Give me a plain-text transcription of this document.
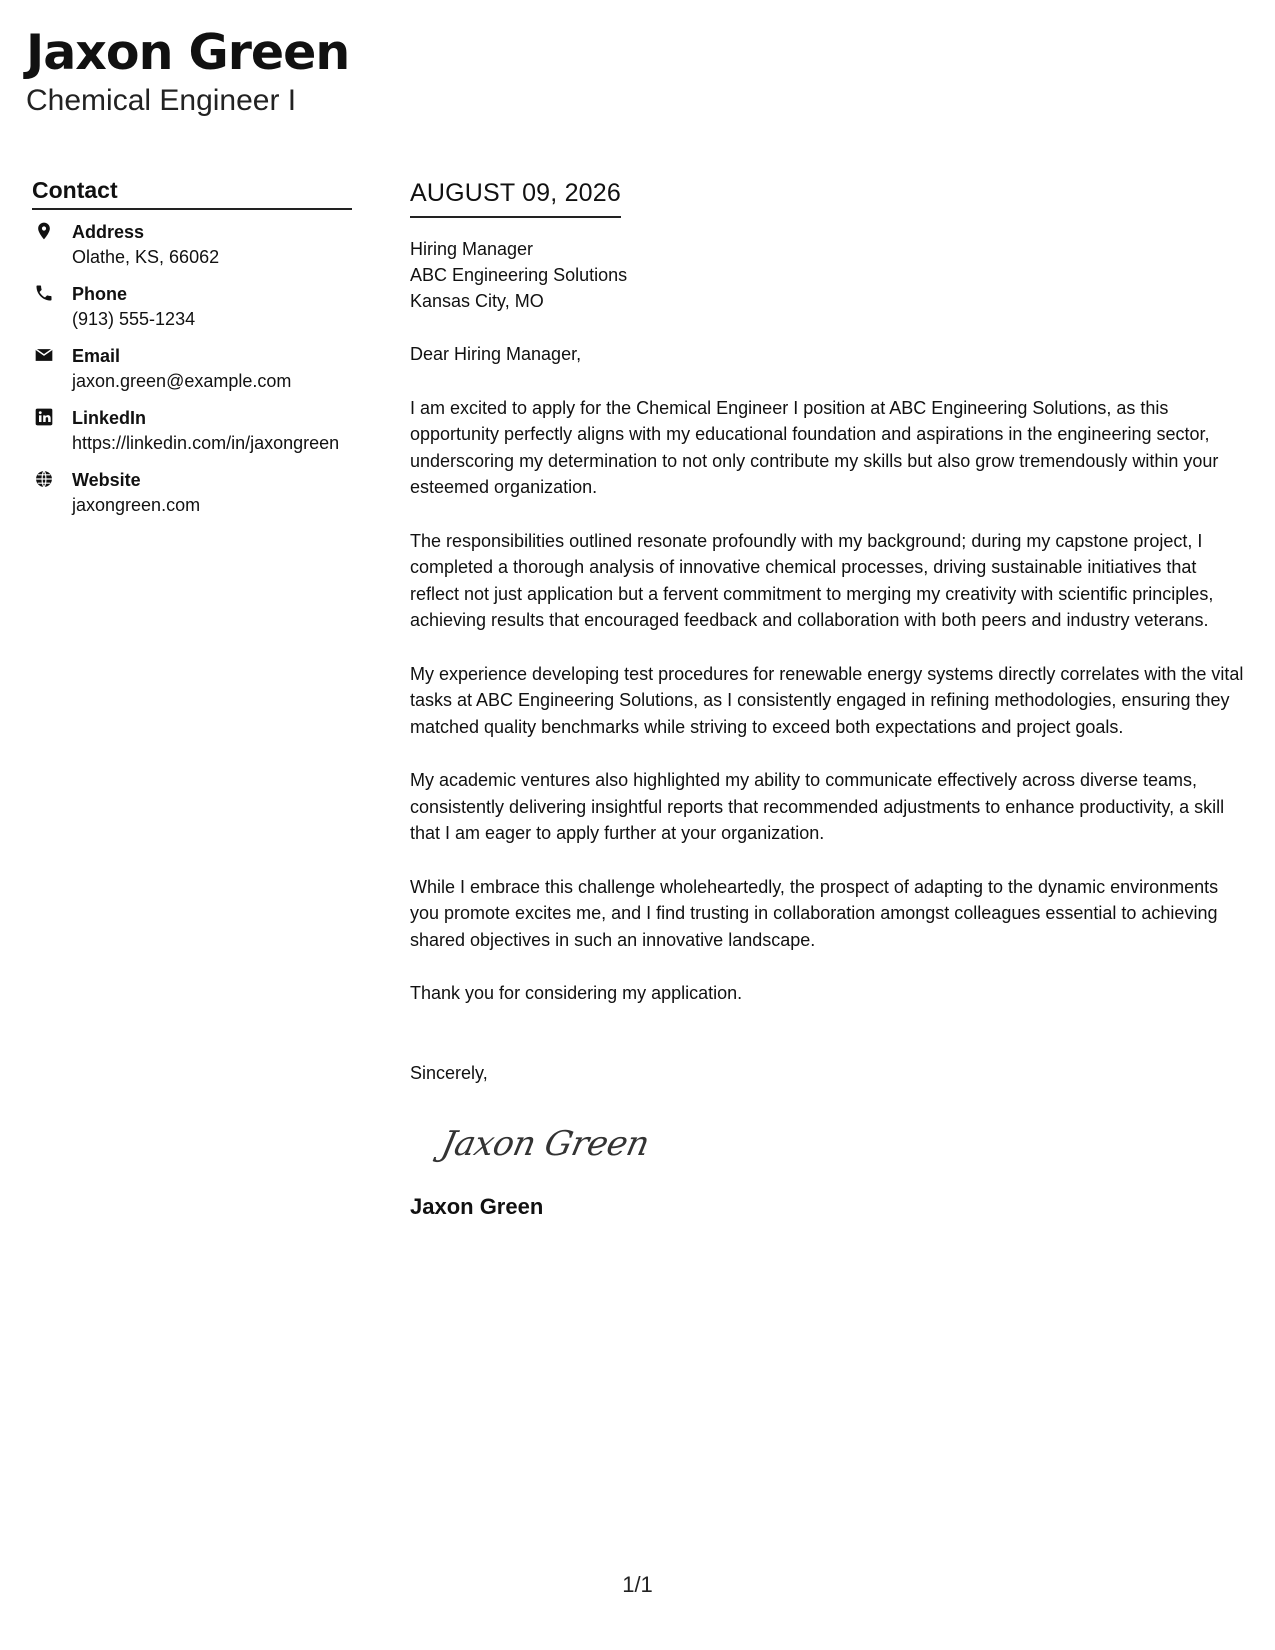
Jaxon Green
Chemical Engineer I
Contact
Address
Olathe, KS, 66062
Phone
(913) 555-1234
Email
jaxon.green@example.com
LinkedIn
https://linkedin.com/in/jaxongreen
Website
jaxongreen.com
AUGUST 09, 2026
Hiring Manager
ABC Engineering Solutions
Kansas City, MO

Dear Hiring Manager,

I am excited to apply for the Chemical Engineer I position at ABC Engineering Solutions, as this opportunity perfectly aligns with my educational foundation and aspirations in the engineering sector, underscoring my determination to not only contribute my skills but also grow tremendously within your esteemed organization.

The responsibilities outlined resonate profoundly with my background; during my capstone project, I completed a thorough analysis of innovative chemical processes, driving sustainable initiatives that reflect not just application but a fervent commitment to merging my creativity with scientific principles, achieving results that encouraged feedback and collaboration with both peers and industry veterans.

My experience developing test procedures for renewable energy systems directly correlates with the vital tasks at ABC Engineering Solutions, as I consistently engaged in refining methodologies, ensuring they matched quality benchmarks while striving to exceed both expectations and project goals.

My academic ventures also highlighted my ability to communicate effectively across diverse teams, consistently delivering insightful reports that recommended adjustments to enhance productivity, a skill that I am eager to apply further at your organization.

While I embrace this challenge wholeheartedly, the prospect of adapting to the dynamic environments you promote excites me, and I find trusting in collaboration amongst colleagues essential to achieving shared objectives in such an innovative landscape.

Thank you for considering my application.

Sincerely,
Jaxon Green
Jaxon Green
1/1
